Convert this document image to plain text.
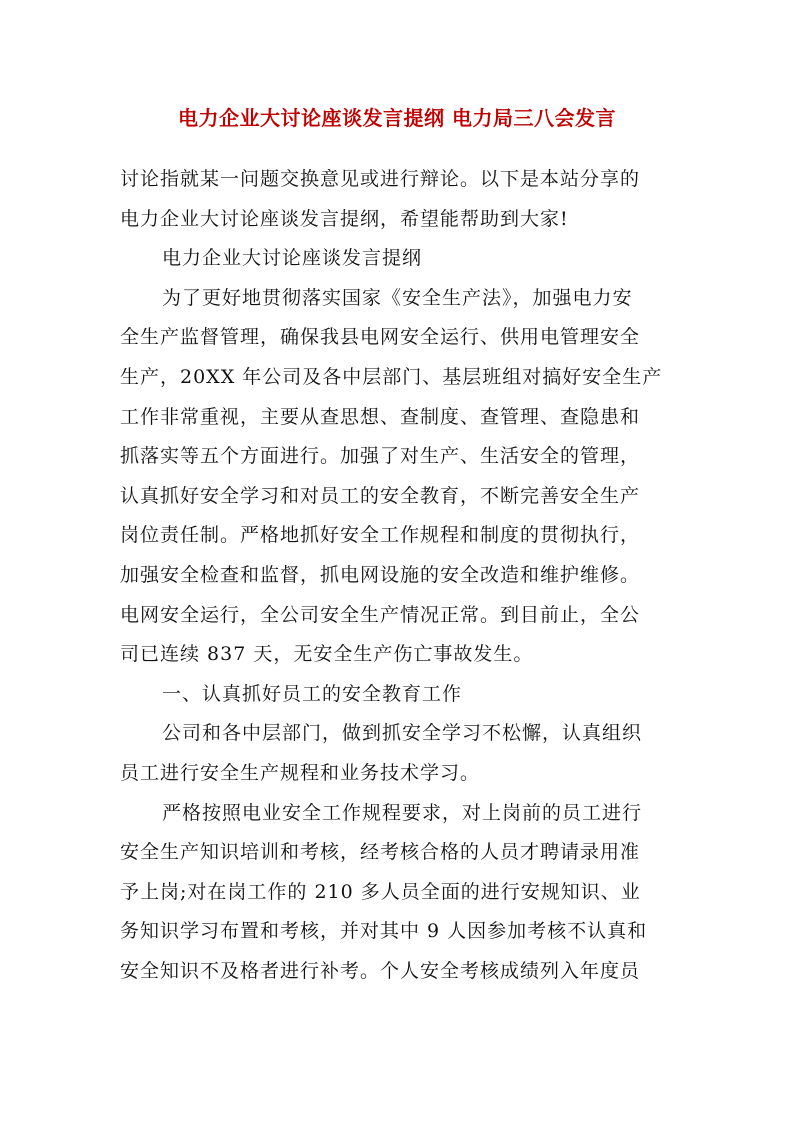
电力企业大讨论座谈发言提纲 电力局三八会发言
讨论指就某一问题交换意见或进行辩论。以下是本站分享的
电力企业大讨论座谈发言提纲，希望能帮助到大家!
电力企业大讨论座谈发言提纲
为了更好地贯彻落实国家《安全生产法》，加强电力安
全生产监督管理，确保我县电网安全运行、供用电管理安全
生产，20XX 年公司及各中层部门、基层班组对搞好安全生产
工作非常重视，主要从查思想、查制度、查管理、查隐患和
抓落实等五个方面进行。加强了对生产、生活安全的管理，
认真抓好安全学习和对员工的安全教育，不断完善安全生产
岗位责任制。严格地抓好安全工作规程和制度的贯彻执行，
加强安全检查和监督，抓电网设施的安全改造和维护维修。
电网安全运行，全公司安全生产情况正常。到目前止，全公
司已连续 837 天，无安全生产伤亡事故发生。
一、认真抓好员工的安全教育工作
公司和各中层部门，做到抓安全学习不松懈，认真组织
员工进行安全生产规程和业务技术学习。
严格按照电业安全工作规程要求，对上岗前的员工进行
安全生产知识培训和考核，经考核合格的人员才聘请录用准
予上岗;对在岗工作的 210 多人员全面的进行安规知识、业
务知识学习布置和考核，并对其中 9 人因参加考核不认真和
安全知识不及格者进行补考。个人安全考核成绩列入年度员
